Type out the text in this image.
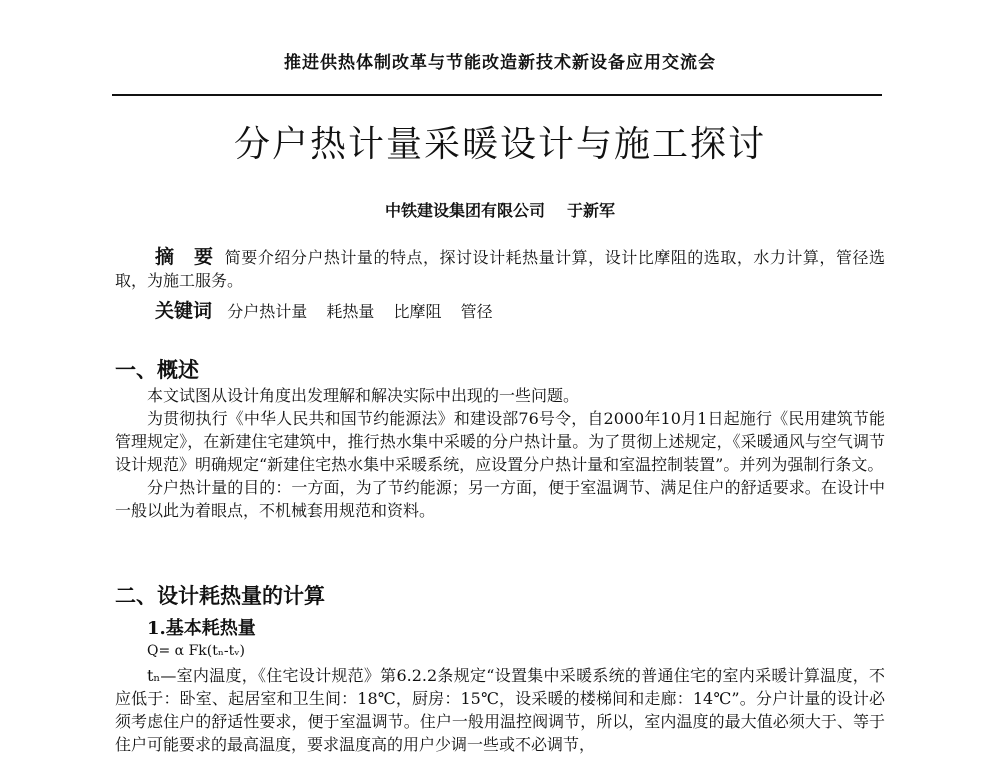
推进供热体制改革与节能改造新技术新设备应用交流会
分户热计量采暖设计与施工探讨
中铁建设集团有限公司 于新军

摘　要 简要介绍分户热计量的特点，探讨设计耗热量计算，设计比摩阻的选取，水力计算，管径选取，为施工服务。

关键词 分户热计量 耗热量 比摩阻 管径
一、概述

本文试图从设计角度出发理解和解决实际中出现的一些问题。

为贯彻执行《中华人民共和国节约能源法》和建设部76号令，自2000年10月1日起施行《民用建筑节能管理规定》，在新建住宅建筑中，推行热水集中采暖的分户热计量。为了贯彻上述规定，《采暖通风与空气调节设计规范》明确规定“新建住宅热水集中采暖系统，应设置分户热计量和室温控制装置”。并列为强制行条文。

分户热计量的目的：一方面，为了节约能源；另一方面，便于室温调节、满足住户的舒适要求。在设计中一般以此为着眼点，不机械套用规范和资料。

二、设计耗热量的计算
1.基本耗热量
Q= α Fk(tₙ-tᵥ)

tₙ—室内温度，《住宅设计规范》第6.2.2条规定“设置集中采暖系统的普通住宅的室内采暖计算温度，不应低于：卧室、起居室和卫生间：18℃，厨房：15℃，设采暖的楼梯间和走廊：14℃”。分户计量的设计必须考虑住户的舒适性要求，便于室温调节。住户一般用温控阀调节，所以，室内温度的最大值必须大于、等于住户可能要求的最高温度，要求温度高的用户少调一些或不必调节，
